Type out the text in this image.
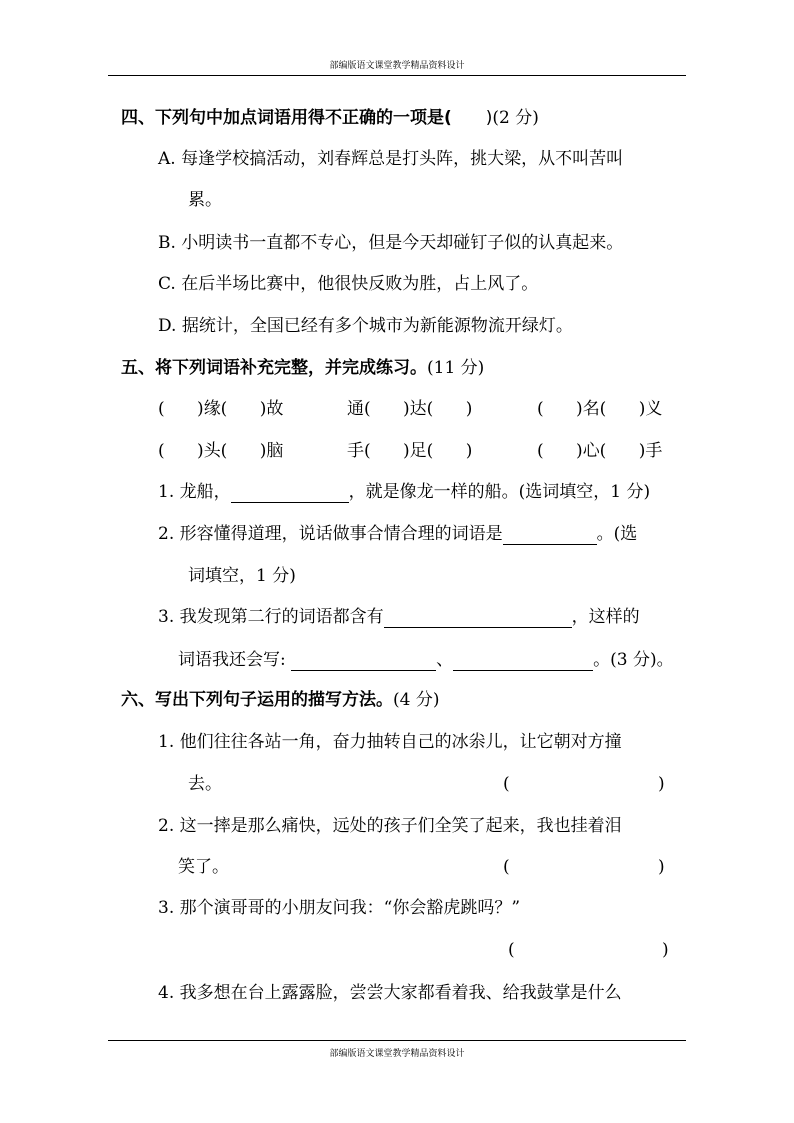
部编版语文课堂教学精品资料设计
四、下列句中加点词语用得不正确的一项是( )(2 分)
A. 每逢学校搞活动，刘春辉总是打头阵，挑大梁，从不叫苦叫
累。
B. 小明读书一直都不专心，但是今天却碰钉子似的认真起来。
C. 在后半场比赛中，他很快反败为胜，占上风了。
D. 据统计，全国已经有多个城市为新能源物流开绿灯。
五、将下列词语补充完整，并完成练习。(11 分)
(      )缘(      )故	通(      )达(      )	(      )名(      )义
(      )头(      )脑	手(      )足(      )	(      )心(      )手
1. 龙船，	，就是像龙一样的船。(选词填空，1 分)
2. 形容懂得道理，说话做事合情合理的词语是	。(选
词填空，1 分)
3. 我发现第二行的词语都含有	，这样的
词语我还会写:	、	。(3 分)。
六、写出下列句子运用的描写方法。(4 分)
1. 他们往往各站一角，奋力抽转自己的冰尜儿，让它朝对方撞
去。	(	)
2. 这一摔是那么痛快，远处的孩子们全笑了起来，我也挂着泪
笑了。	(	)
3. 那个演哥哥的小朋友问我：“你会豁虎跳吗？”
(	)
4. 我多想在台上露露脸，尝尝大家都看着我、给我鼓掌是什么
部编版语文课堂教学精品资料设计
